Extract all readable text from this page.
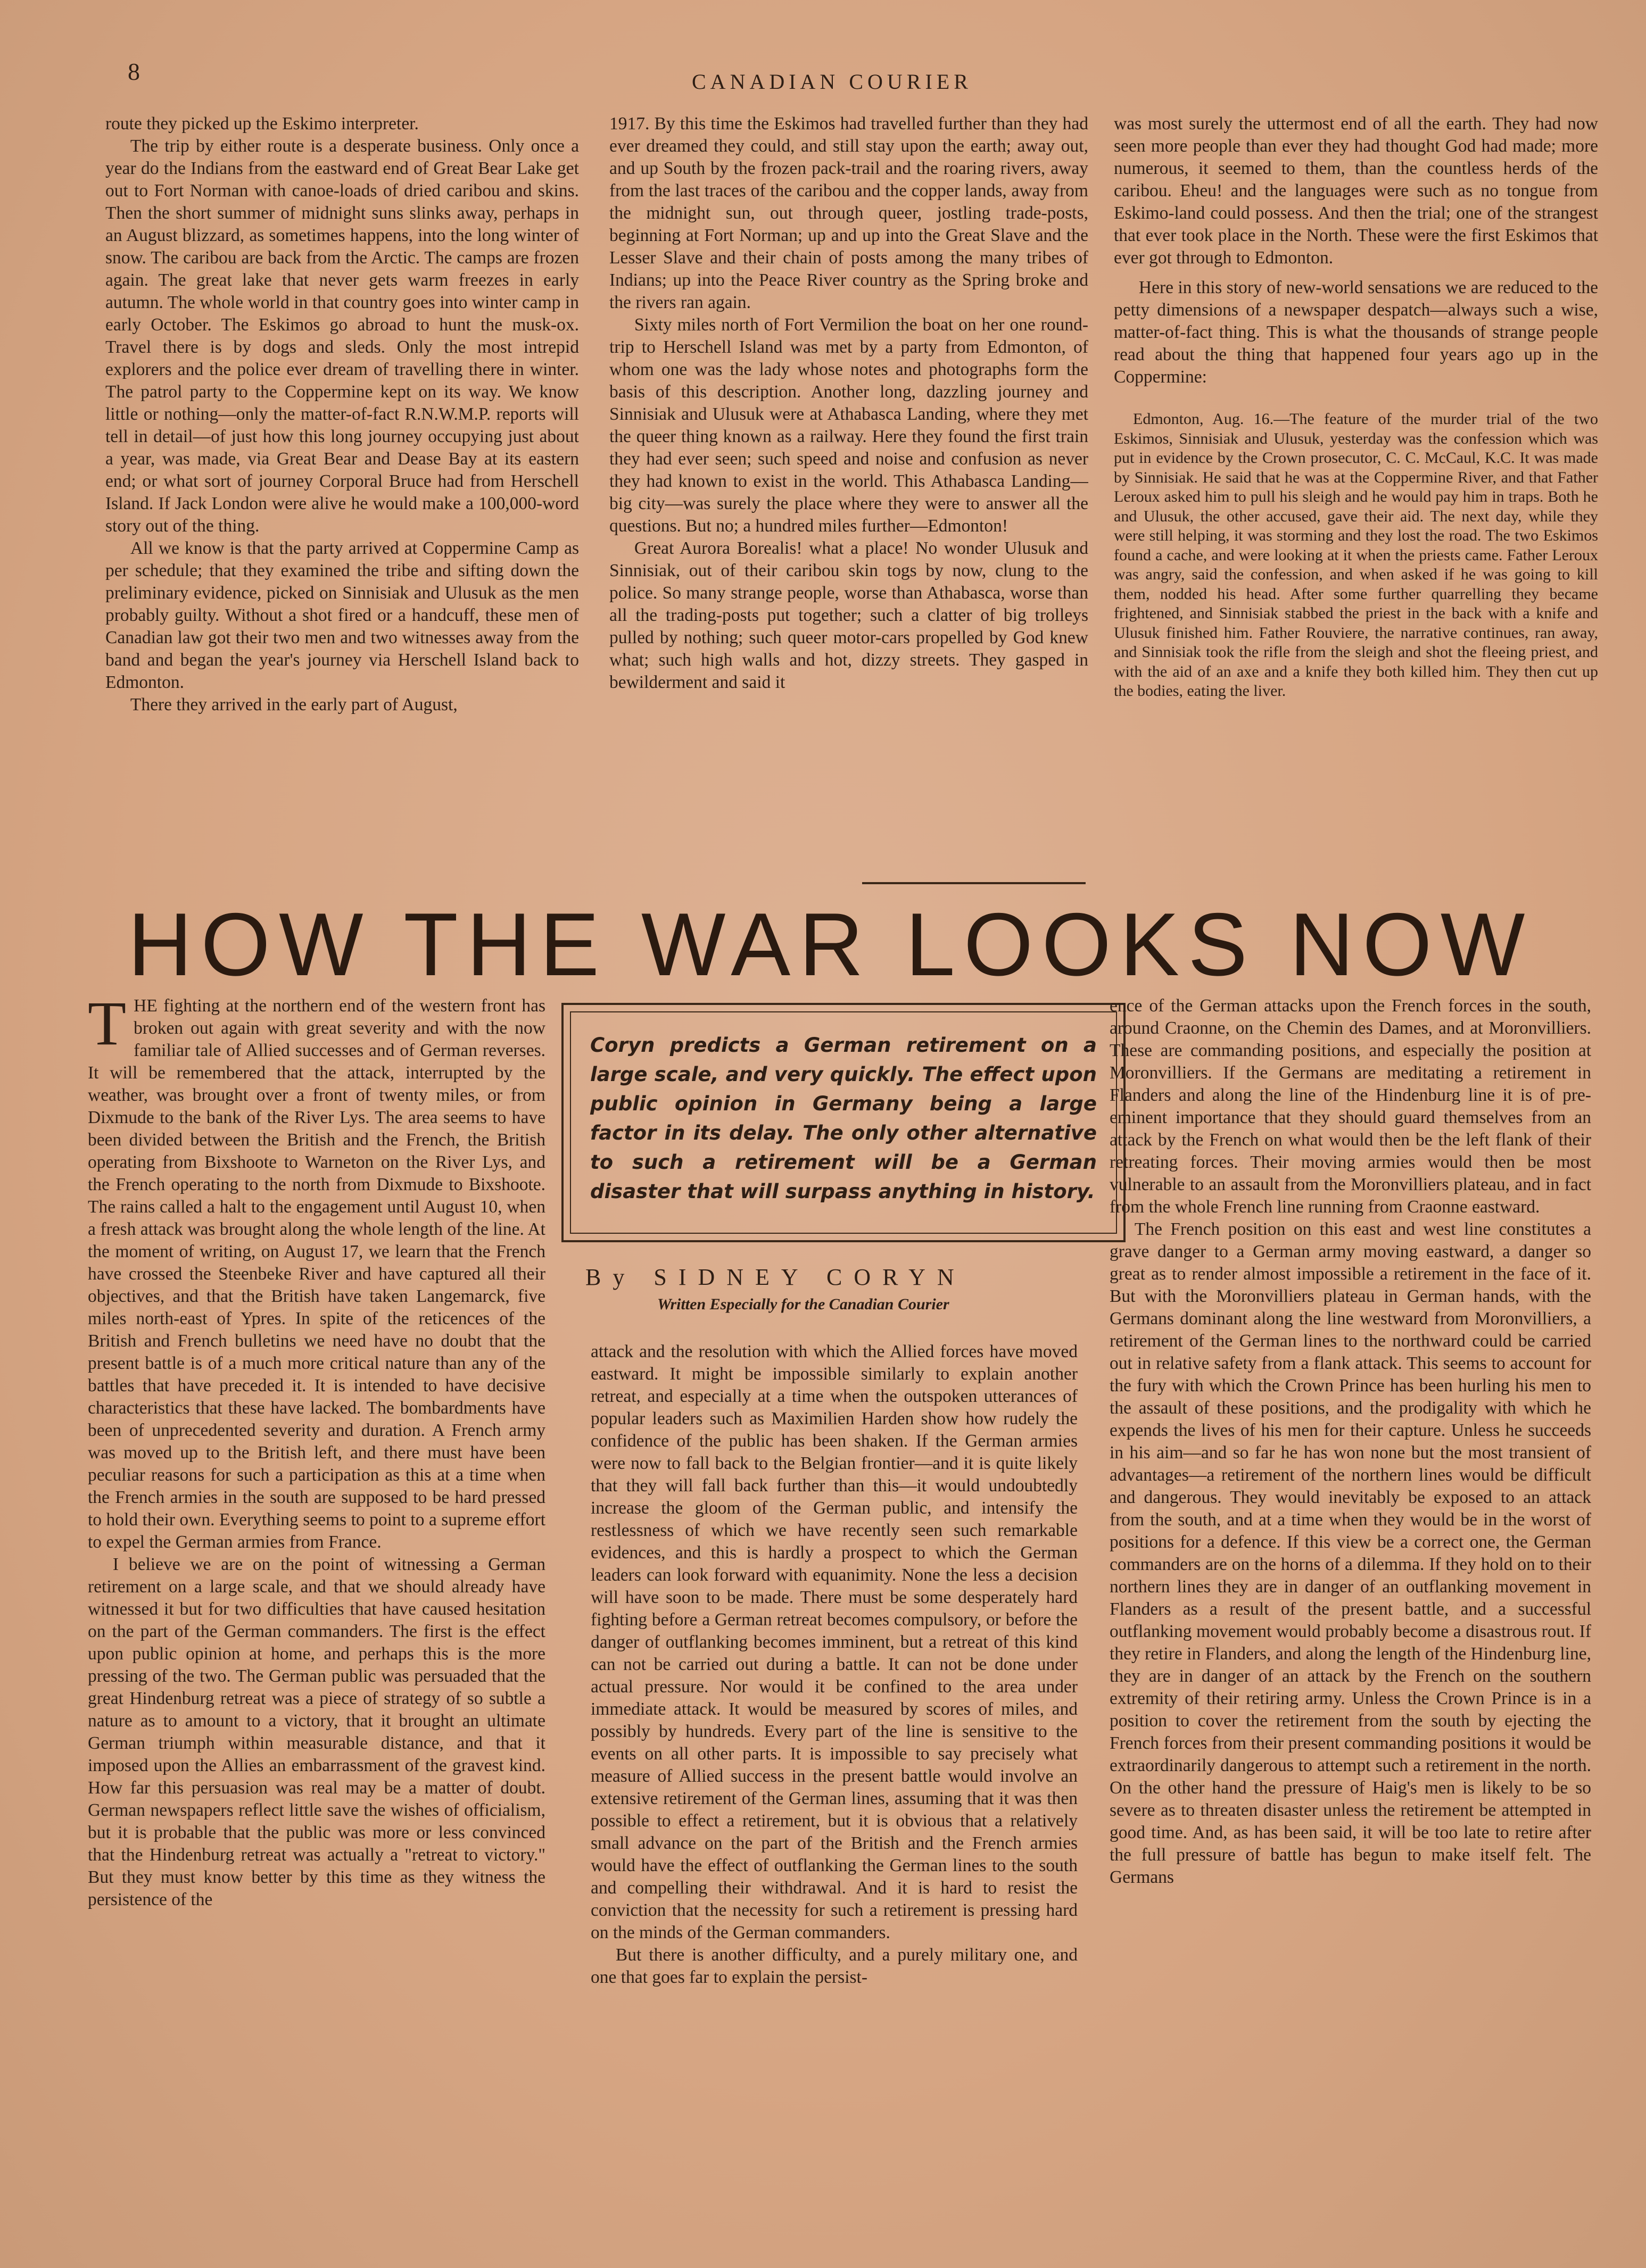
8	CANADIAN COURIER

route they picked up the Eskimo interpreter.

The trip by either route is a desperate business. Only once a year do the Indians from the eastward end of Great Bear Lake get out to Fort Norman with canoe-loads of dried caribou and skins. Then the short summer of midnight suns slinks away, perhaps in an August blizzard, as sometimes happens, into the long winter of snow. The caribou are back from the Arctic. The camps are frozen again. The great lake that never gets warm freezes in early autumn. The whole world in that country goes into winter camp in early October. The Eskimos go abroad to hunt the musk-ox. Travel there is by dogs and sleds. Only the most intrepid explorers and the police ever dream of travelling there in winter. The patrol party to the Coppermine kept on its way. We know little or nothing—only the matter-of-fact R.N.W.M.P. reports will tell in detail—of just how this long journey occupying just about a year, was made, via Great Bear and Dease Bay at its eastern end; or what sort of journey Corporal Bruce had from Herschell Island. If Jack London were alive he would make a 100,000-word story out of the thing.

All we know is that the party arrived at Coppermine Camp as per schedule; that they examined the tribe and sifting down the preliminary evidence, picked on Sinnisiak and Ulusuk as the men probably guilty. Without a shot fired or a handcuff, these men of Canadian law got their two men and two witnesses away from the band and began the year's journey via Herschell Island back to Edmonton.

There they arrived in the early part of August,

1917. By this time the Eskimos had travelled further than they had ever dreamed they could, and still stay upon the earth; away out, and up South by the frozen pack-trail and the roaring rivers, away from the last traces of the caribou and the copper lands, away from the midnight sun, out through queer, jostling trade-posts, beginning at Fort Norman; up and up into the Great Slave and the Lesser Slave and their chain of posts among the many tribes of Indians; up into the Peace River country as the Spring broke and the rivers ran again.

Sixty miles north of Fort Vermilion the boat on her one round-trip to Herschell Island was met by a party from Edmonton, of whom one was the lady whose notes and photographs form the basis of this description. Another long, dazzling journey and Sinnisiak and Ulusuk were at Athabasca Landing, where they met the queer thing known as a railway. Here they found the first train they had ever seen; such speed and noise and confusion as never they had known to exist in the world. This Athabasca Landing—big city—was surely the place where they were to answer all the questions. But no; a hundred miles further—Edmonton!

Great Aurora Borealis! what a place! No wonder Ulusuk and Sinnisiak, out of their caribou skin togs by now, clung to the police. So many strange people, worse than Athabasca, worse than all the trading-posts put together; such a clatter of big trolleys pulled by nothing; such queer motor-cars propelled by God knew what; such high walls and hot, dizzy streets. They gasped in bewilderment and said it

was most surely the uttermost end of all the earth. They had now seen more people than ever they had thought God had made; more numerous, it seemed to them, than the countless herds of the caribou. Eheu! and the languages were such as no tongue from Eskimo-land could possess. And then the trial; one of the strangest that ever took place in the North. These were the first Eskimos that ever got through to Edmonton.

Here in this story of new-world sensations we are reduced to the petty dimensions of a newspaper despatch—always such a wise, matter-of-fact thing. This is what the thousands of strange people read about the thing that happened four years ago up in the Coppermine:

Edmonton, Aug. 16.—The feature of the murder trial of the two Eskimos, Sinnisiak and Ulusuk, yesterday was the confession which was put in evidence by the Crown prosecutor, C. C. McCaul, K.C. It was made by Sinnisiak. He said that he was at the Coppermine River, and that Father Leroux asked him to pull his sleigh and he would pay him in traps. Both he and Ulusuk, the other accused, gave their aid. The next day, while they were still helping, it was storming and they lost the road. The two Eskimos found a cache, and were looking at it when the priests came. Father Leroux was angry, said the confession, and when asked if he was going to kill them, nodded his head. After some further quarrelling they became frightened, and Sinnisiak stabbed the priest in the back with a knife and Ulusuk finished him. Father Rouviere, the narrative continues, ran away, and Sinnisiak took the rifle from the sleigh and shot the fleeing priest, and with the aid of an axe and a knife they both killed him. They then cut up the bodies, eating the liver.

HOW THE WAR LOOKS NOW

THE fighting at the northern end of the western front has broken out again with great severity and with the now familiar tale of Allied successes and of German reverses. It will be remembered that the attack, interrupted by the weather, was brought over a front of twenty miles, or from Dixmude to the bank of the River Lys. The area seems to have been divided between the British and the French, the British operating from Bixshoote to Warneton on the River Lys, and the French operating to the north from Dixmude to Bixshoote. The rains called a halt to the engagement until August 10, when a fresh attack was brought along the whole length of the line. At the moment of writing, on August 17, we learn that the French have crossed the Steenbeke River and have captured all their objectives, and that the British have taken Langemarck, five miles north-east of Ypres. In spite of the reticences of the British and French bulletins we need have no doubt that the present battle is of a much more critical nature than any of the battles that have preceded it. It is intended to have decisive characteristics that these have lacked. The bombardments have been of unprecedented severity and duration. A French army was moved up to the British left, and there must have been peculiar reasons for such a participation as this at a time when the French armies in the south are supposed to be hard pressed to hold their own. Everything seems to point to a supreme effort to expel the German armies from France.

I believe we are on the point of witnessing a German retirement on a large scale, and that we should already have witnessed it but for two difficulties that have caused hesitation on the part of the German commanders. The first is the effect upon public opinion at home, and perhaps this is the more pressing of the two. The German public was persuaded that the great Hindenburg retreat was a piece of strategy of so subtle a nature as to amount to a victory, that it brought an ultimate German triumph within measurable distance, and that it imposed upon the Allies an embarrassment of the gravest kind. How far this persuasion was real may be a matter of doubt. German newspapers reflect little save the wishes of officialism, but it is probable that the public was more or less convinced that the Hindenburg retreat was actually a "retreat to victory." But they must know better by this time as they witness the persistence of the

Coryn predicts a German retirement on a large scale, and very quickly. The effect upon public opinion in Germany being a large factor in its delay. The only other alternative to such a retirement will be a German disaster that will surpass anything in history.
By SIDNEY CORYN
Written Especially for the Canadian Courier

attack and the resolution with which the Allied forces have moved eastward. It might be impossible similarly to explain another retreat, and especially at a time when the outspoken utterances of popular leaders such as Maximilien Harden show how rudely the confidence of the public has been shaken. If the German armies were now to fall back to the Belgian frontier—and it is quite likely that they will fall back further than this—it would undoubtedly increase the gloom of the German public, and intensify the restlessness of which we have recently seen such remarkable evidences, and this is hardly a prospect to which the German leaders can look forward with equanimity. None the less a decision will have soon to be made. There must be some desperately hard fighting before a German retreat becomes compulsory, or before the danger of outflanking becomes imminent, but a retreat of this kind can not be carried out during a battle. It can not be done under actual pressure. Nor would it be confined to the area under immediate attack. It would be measured by scores of miles, and possibly by hundreds. Every part of the line is sensitive to the events on all other parts. It is impossible to say precisely what measure of Allied success in the present battle would involve an extensive retirement of the German lines, assuming that it was then possible to effect a retirement, but it is obvious that a relatively small advance on the part of the British and the French armies would have the effect of outflanking the German lines to the south and compelling their withdrawal. And it is hard to resist the conviction that the necessity for such a retirement is pressing hard on the minds of the German commanders.

But there is another difficulty, and a purely military one, and one that goes far to explain the persist-

ence of the German attacks upon the French forces in the south, around Craonne, on the Chemin des Dames, and at Moronvilliers. These are commanding positions, and especially the position at Moronvilliers. If the Germans are meditating a retirement in Flanders and along the line of the Hindenburg line it is of pre-eminent importance that they should guard themselves from an attack by the French on what would then be the left flank of their retreating forces. Their moving armies would then be most vulnerable to an assault from the Moronvilliers plateau, and in fact from the whole French line running from Craonne eastward.

The French position on this east and west line constitutes a grave danger to a German army moving eastward, a danger so great as to render almost impossible a retirement in the face of it. But with the Moronvilliers plateau in German hands, with the Germans dominant along the line westward from Moronvilliers, a retirement of the German lines to the northward could be carried out in relative safety from a flank attack. This seems to account for the fury with which the Crown Prince has been hurling his men to the assault of these positions, and the prodigality with which he expends the lives of his men for their capture. Unless he succeeds in his aim—and so far he has won none but the most transient of advantages—a retirement of the northern lines would be difficult and dangerous. They would inevitably be exposed to an attack from the south, and at a time when they would be in the worst of positions for a defence. If this view be a correct one, the German commanders are on the horns of a dilemma. If they hold on to their northern lines they are in danger of an outflanking movement in Flanders as a result of the present battle, and a successful outflanking movement would probably become a disastrous rout. If they retire in Flanders, and along the length of the Hindenburg line, they are in danger of an attack by the French on the southern extremity of their retiring army. Unless the Crown Prince is in a position to cover the retirement from the south by ejecting the French forces from their present commanding positions it would be extraordinarily dangerous to attempt such a retirement in the north. On the other hand the pressure of Haig's men is likely to be so severe as to threaten disaster unless the retirement be attempted in good time. And, as has been said, it will be too late to retire after the full pressure of battle has begun to make itself felt. The Germans
